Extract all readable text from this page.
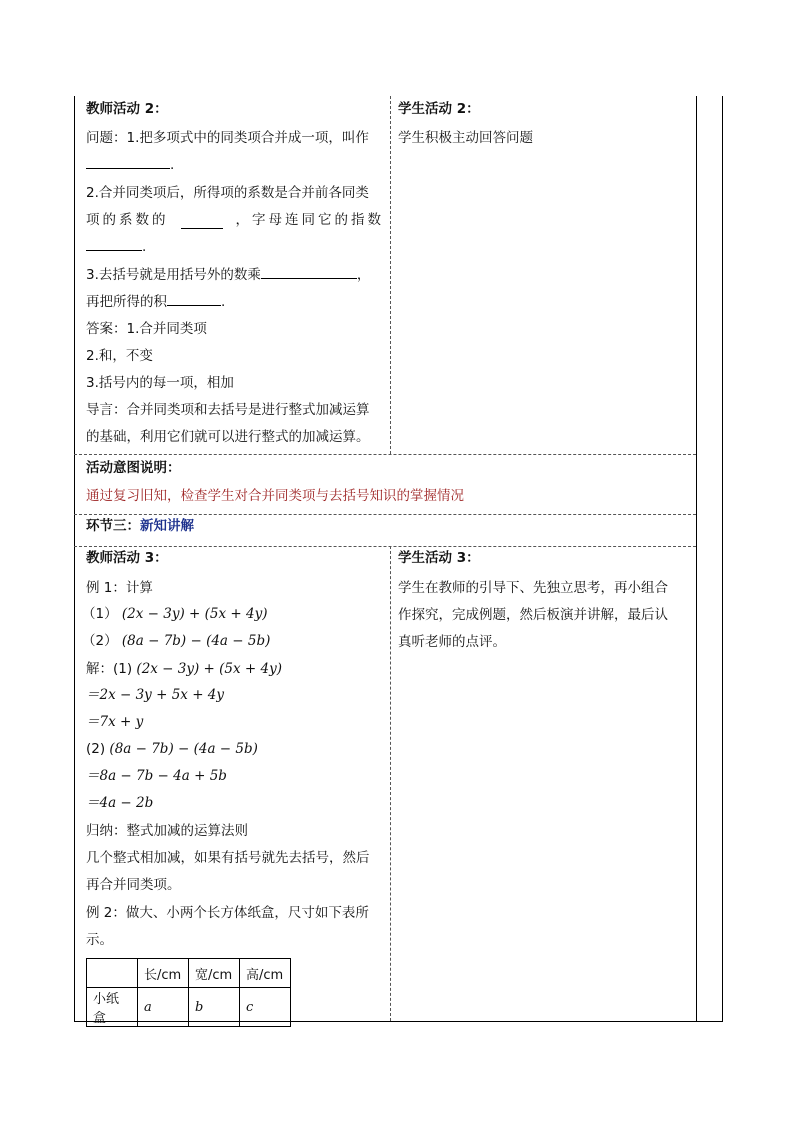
教师活动 2：
问题：1.把多项式中的同类项合并成一项，叫作
.
2.合并同类项后，所得项的系数是合并前各同类
项的系数的	，字母连同它的指数
.
3.去括号就是用括号外的数乘	，
再把所得的积	.
答案：1.合并同类项
2.和，不变
3.括号内的每一项，相加
导言：合并同类项和去括号是进行整式加减运算
的基础，利用它们就可以进行整式的加减运算。
学生活动 2：
学生积极主动回答问题
活动意图说明：
通过复习旧知，检查学生对合并同类项与去括号知识的掌握情况
环节三：新知讲解
教师活动 3：
例 1：计算
（1） (2x − 3y) + (5x + 4y)
（2） (8a − 7b) − (4a − 5b)
解：(1) (2x − 3y) + (5x + 4y)
＝2x − 3y + 5x + 4y
＝7x + y
(2) (8a − 7b) − (4a − 5b)
＝8a − 7b − 4a + 5b
＝4a − 2b
归纳：整式加减的运算法则
几个整式相加减，如果有括号就先去括号，然后
再合并同类项。
例 2：做大、小两个长方体纸盒，尺寸如下表所
示。
	长/cm	宽/cm	高/cm
小纸盒	a	b	c
学生活动 3：
学生在教师的引导下、先独立思考，再小组合
作探究，完成例题，然后板演并讲解，最后认
真听老师的点评。
